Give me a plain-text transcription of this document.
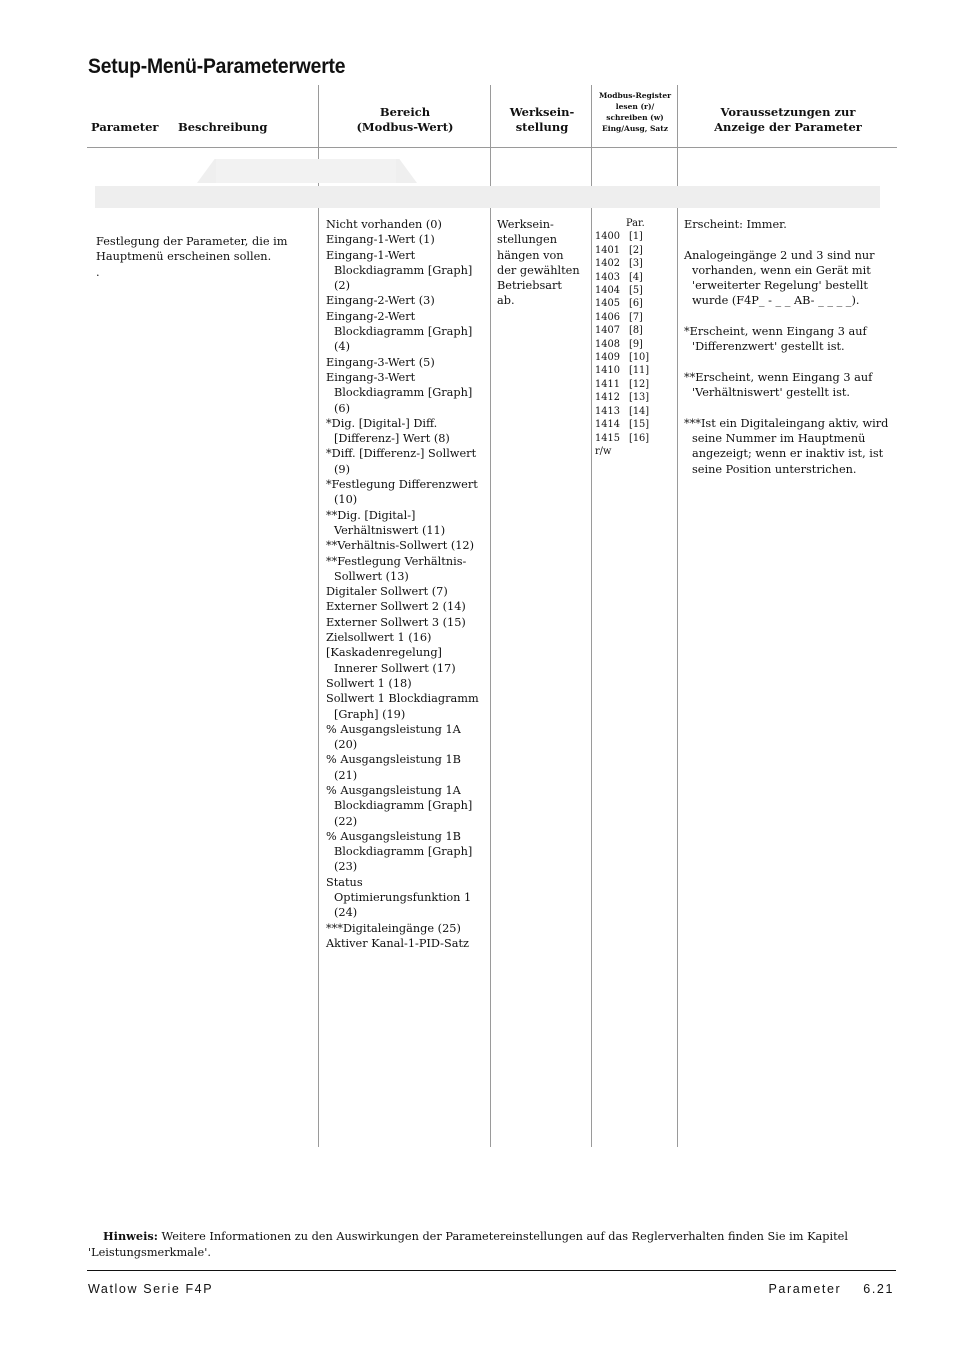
Setup-Menü-Parameterwerte
Parameter Beschreibung
Bereich
(Modbus-Wert)
Werksein-
stellung
Modbus-Register
lesen (r)/
schreiben (w)
Eing/Ausg, Satz
Voraussetzungen zur
Anzeige der Parameter
Festlegung der Parameter, die im
Hauptmenü erscheinen sollen.
.
Nicht vorhanden (0)
Eingang-1-Wert (1)
Eingang-1-Wert Blockdiagramm [Graph] (2)
Eingang-2-Wert (3)
Eingang-2-Wert Blockdiagramm [Graph] (4)
Eingang-3-Wert (5)
Eingang-3-Wert Blockdiagramm [Graph] (6)
*Dig. [Digital-] Diff. [Differenz-] Wert (8)
*Diff. [Differenz-] Sollwert (9)
*Festlegung Differenzwert (10)
**Dig. [Digital-] Verhältniswert (11)
**Verhältnis-Sollwert (12)
**Festlegung Verhältnis-Sollwert (13)
Digitaler Sollwert (7)
Externer Sollwert 2 (14)
Externer Sollwert 3 (15)
Zielsollwert 1 (16)
[Kaskadenregelung] Innerer Sollwert (17)
Sollwert 1 (18)
Sollwert 1 Blockdiagramm [Graph] (19)
% Ausgangsleistung 1A (20)
% Ausgangsleistung 1B (21)
% Ausgangsleistung 1A Blockdiagramm [Graph] (22)
% Ausgangsleistung 1B Blockdiagramm [Graph] (23)
Status Optimierungsfunktion 1 (24)
***Digitaleingänge (25)
Aktiver Kanal-1-PID-Satz
Werksein-
stellungen
hängen von
der gewählten
Betriebsart
ab.
Par.
1400 [1]
1401 [2]
1402 [3]
1403 [4]
1404 [5]
1405 [6]
1406 [7]
1407 [8]
1408 [9]
1409 [10]
1410 [11]
1411 [12]
1412 [13]
1413 [14]
1414 [15]
1415 [16]
r/w

Erscheint: Immer.

Analogeingänge 2 und 3 sind nur vorhanden, wenn ein Gerät mit 'erweiterter Regelung' bestellt wurde (F4P_ - _ _ AB- _ _ _ _).

*Erscheint, wenn Eingang 3 auf 'Differenzwert' gestellt ist.

**Erscheint, wenn Eingang 3 auf 'Verhältniswert' gestellt ist.

***Ist ein Digitaleingang aktiv, wird seine Nummer im Hauptmenü angezeigt; wenn er inaktiv ist, ist seine Position unterstrichen.

Hinweis: Weitere Informationen zu den Auswirkungen der Parametereinstellungen auf das Reglerverhalten finden Sie im Kapitel 'Leistungsmerkmale'.
Watlow Serie F4P	Parameter 6.21
